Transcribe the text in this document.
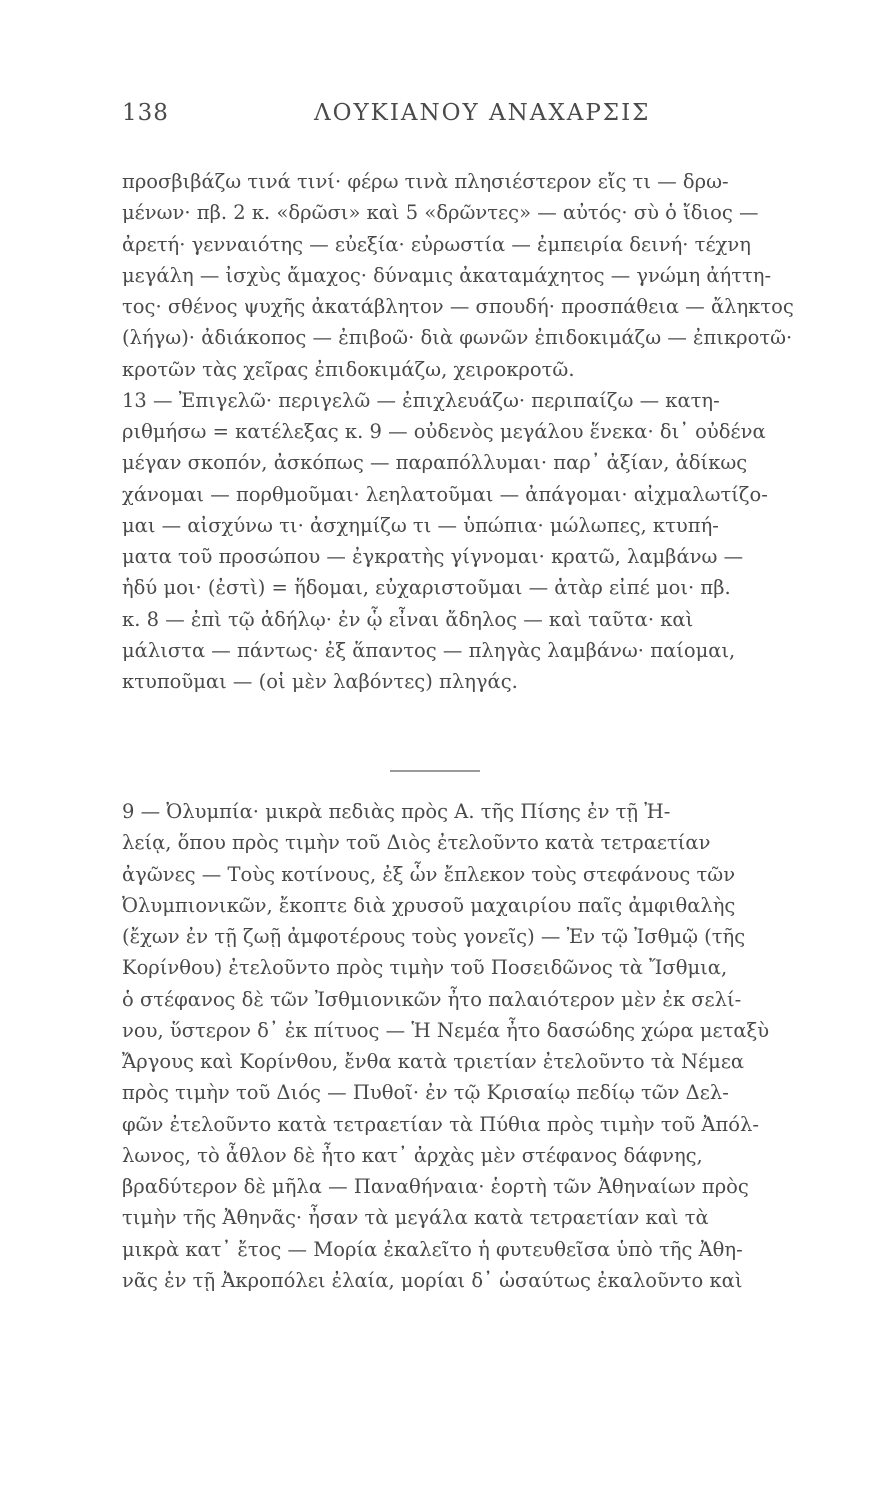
138	ΛΟΥΚΙΑΝΟΥ ΑΝΑΧΑΡΣΙΣ
προσβιβάζω τινά τινί· φέρω τινὰ πλησιέστερον εἴς τι — δρω-
μένων· πβ. 2 κ. «δρῶσι» καὶ 5 «δρῶντες» — αὐτός· σὺ ὁ ἴδιος —
ἀρετή· γενναιότης — εὐεξία· εὐρωστία — ἐμπειρία δεινή· τέχνη
μεγάλη — ἰσχὺς ἄμαχος· δύναμις ἀκαταμάχητος — γνώμη ἀήττη-
τος· σθένος ψυχῆς ἀκατάβλητον — σπουδή· προσπάθεια — ἄληκτος
(λήγω)· ἀδιάκοπος — ἐπιβοῶ· διὰ φωνῶν ἐπιδοκιμάζω — ἐπικροτῶ·
κροτῶν τὰς χεῖρας ἐπιδοκιμάζω, χειροκροτῶ.
13 — Ἐπιγελῶ· περιγελῶ — ἐπιχλευάζω· περιπαίζω — κατη-
ριθμήσω = κατέλεξας κ. 9 — οὐδενὸς μεγάλου ἕνεκα· δι᾽ οὐδένα
μέγαν σκοπόν, ἀσκόπως — παραπόλλυμαι· παρ᾽ ἀξίαν, ἀδίκως
χάνομαι — πορθμοῦμαι· λεηλατοῦμαι — ἀπάγομαι· αἰχμαλωτίζο-
μαι — αἰσχύνω τι· ἀσχημίζω τι — ὑπώπια· μώλωπες, κτυπή-
ματα τοῦ προσώπου — ἐγκρατὴς γίγνομαι· κρατῶ, λαμβάνω —
ἡδύ μοι· (ἐστὶ) = ἥδομαι, εὐχαριστοῦμαι — ἀτὰρ εἰπέ μοι· πβ.
κ. 8 — ἐπὶ τῷ ἀδήλῳ· ἐν ᾧ εἶναι ἄδηλος — καὶ ταῦτα· καὶ
μάλιστα — πάντως· ἐξ ἅπαντος — πληγὰς λαμβάνω· παίομαι,
κτυποῦμαι — (οἱ μὲν λαβόντες) πληγάς.
9 — Ὀλυμπία· μικρὰ πεδιὰς πρὸς Α. τῆς Πίσης ἐν τῇ Ἠ-
λείᾳ, ὅπου πρὸς τιμὴν τοῦ Διὸς ἐτελοῦντο κατὰ τετραετίαν
ἀγῶνες — Τοὺς κοτίνους, ἐξ ὧν ἔπλεκον τοὺς στεφάνους τῶν
Ὀλυμπιονικῶν, ἔκοπτε διὰ χρυσοῦ μαχαιρίου παῖς ἀμφιθαλὴς
(ἔχων ἐν τῇ ζωῇ ἀμφοτέρους τοὺς γονεῖς) — Ἐν τῷ Ἰσθμῷ (τῆς
Κορίνθου) ἐτελοῦντο πρὸς τιμὴν τοῦ Ποσειδῶνος τὰ Ἴσθμια,
ὁ στέφανος δὲ τῶν Ἰσθμιονικῶν ἦτο παλαιότερον μὲν ἐκ σελί-
νου, ὕστερον δ᾽ ἐκ πίτυος — Ἡ Νεμέα ἦτο δασώδης χώρα μεταξὺ
Ἄργους καὶ Κορίνθου, ἔνθα κατὰ τριετίαν ἐτελοῦντο τὰ Νέμεα
πρὸς τιμὴν τοῦ Διός — Πυθοῖ· ἐν τῷ Κρισαίῳ πεδίῳ τῶν Δελ-
φῶν ἐτελοῦντο κατὰ τετραετίαν τὰ Πύθια πρὸς τιμὴν τοῦ Ἀπόλ-
λωνος, τὸ ἆθλον δὲ ἦτο κατ᾽ ἀρχὰς μὲν στέφανος δάφνης,
βραδύτερον δὲ μῆλα — Παναθήναια· ἑορτὴ τῶν Ἀθηναίων πρὸς
τιμὴν τῆς Ἀθηνᾶς· ἦσαν τὰ μεγάλα κατὰ τετραετίαν καὶ τὰ
μικρὰ κατ᾽ ἔτος — Μορία ἐκαλεῖτο ἡ φυτευθεῖσα ὑπὸ τῆς Ἀθη-
νᾶς ἐν τῇ Ἀκροπόλει ἐλαία, μορίαι δ᾽ ὡσαύτως ἐκαλοῦντο καὶ
